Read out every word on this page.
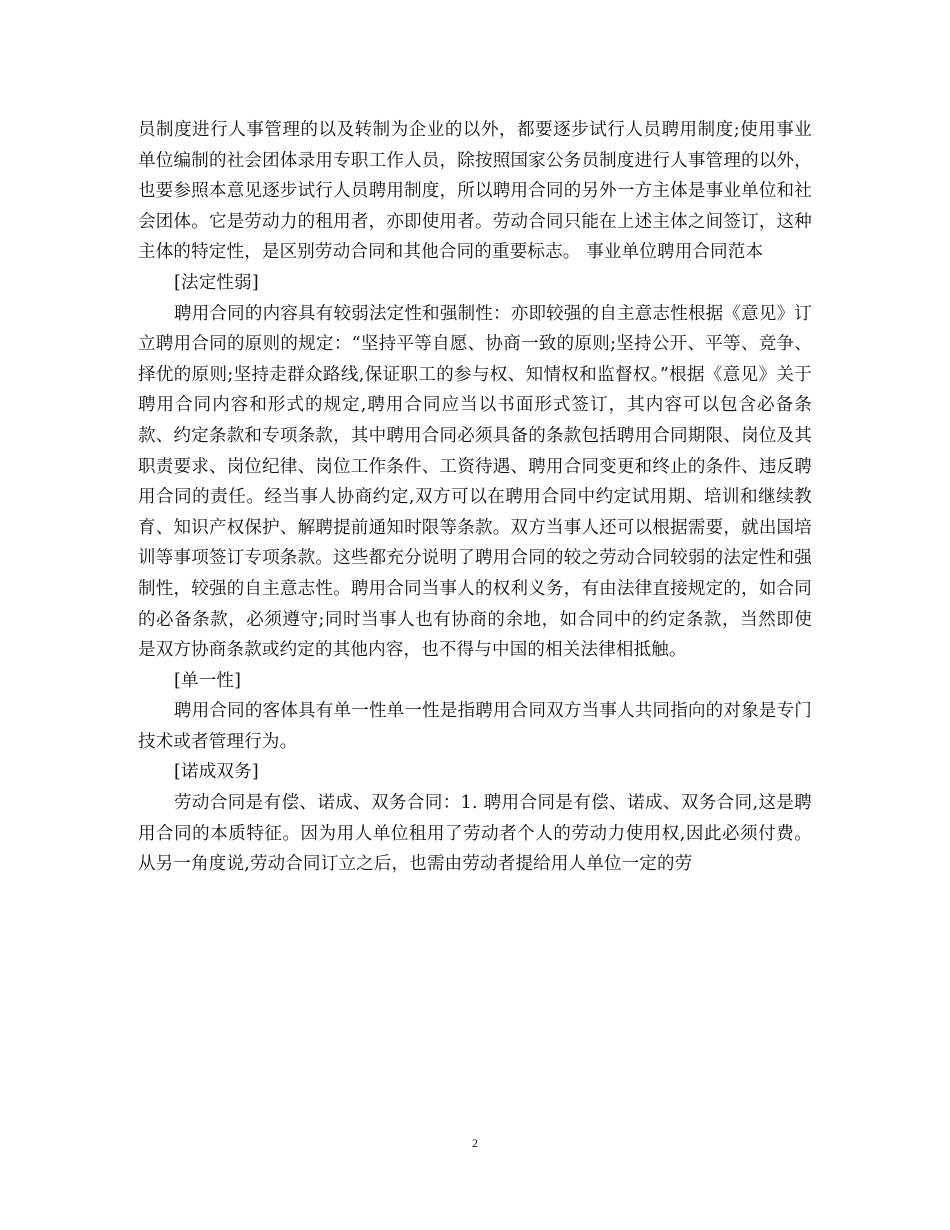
员制度进行人事管理的以及转制为企业的以外，都要逐步试行人员聘用制度;使用事业单位编制的社会团体录用专职工作人员，除按照国家公务员制度进行人事管理的以外，也要参照本意见逐步试行人员聘用制度，所以聘用合同的另外一方主体是事业单位和社会团体。它是劳动力的租用者，亦即使用者。劳动合同只能在上述主体之间签订，这种主体的特定性，是区别劳动合同和其他合同的重要标志。 事业单位聘用合同范本

[法定性弱]

聘用合同的内容具有较弱法定性和强制性：亦即较强的自主意志性根据《意见》订立聘用合同的原则的规定：“坚持平等自愿、协商一致的原则;坚持公开、平等、竞争、择优的原则;坚持走群众路线,保证职工的参与权、知情权和监督权。”根据《意见》关于聘用合同内容和形式的规定,聘用合同应当以书面形式签订，其内容可以包含必备条款、约定条款和专项条款，其中聘用合同必须具备的条款包括聘用合同期限、岗位及其职责要求、岗位纪律、岗位工作条件、工资待遇、聘用合同变更和终止的条件、违反聘用合同的责任。经当事人协商约定,双方可以在聘用合同中约定试用期、培训和继续教育、知识产权保护、解聘提前通知时限等条款。双方当事人还可以根据需要，就出国培训等事项签订专项条款。这些都充分说明了聘用合同的较之劳动合同较弱的法定性和强制性，较强的自主意志性。聘用合同当事人的权利义务，有由法律直接规定的，如合同的必备条款，必须遵守;同时当事人也有协商的余地，如合同中的约定条款，当然即使是双方协商条款或约定的其他内容，也不得与中国的相关法律相抵触。

[单一性]

聘用合同的客体具有单一性单一性是指聘用合同双方当事人共同指向的对象是专门技术或者管理行为。

[诺成双务]

劳动合同是有偿、诺成、双务合同：1. 聘用合同是有偿、诺成、双务合同,这是聘用合同的本质特征。因为用人单位租用了劳动者个人的劳动力使用权,因此必须付费。从另一角度说,劳动合同订立之后，也需由劳动者提给用人单位一定的劳

2
